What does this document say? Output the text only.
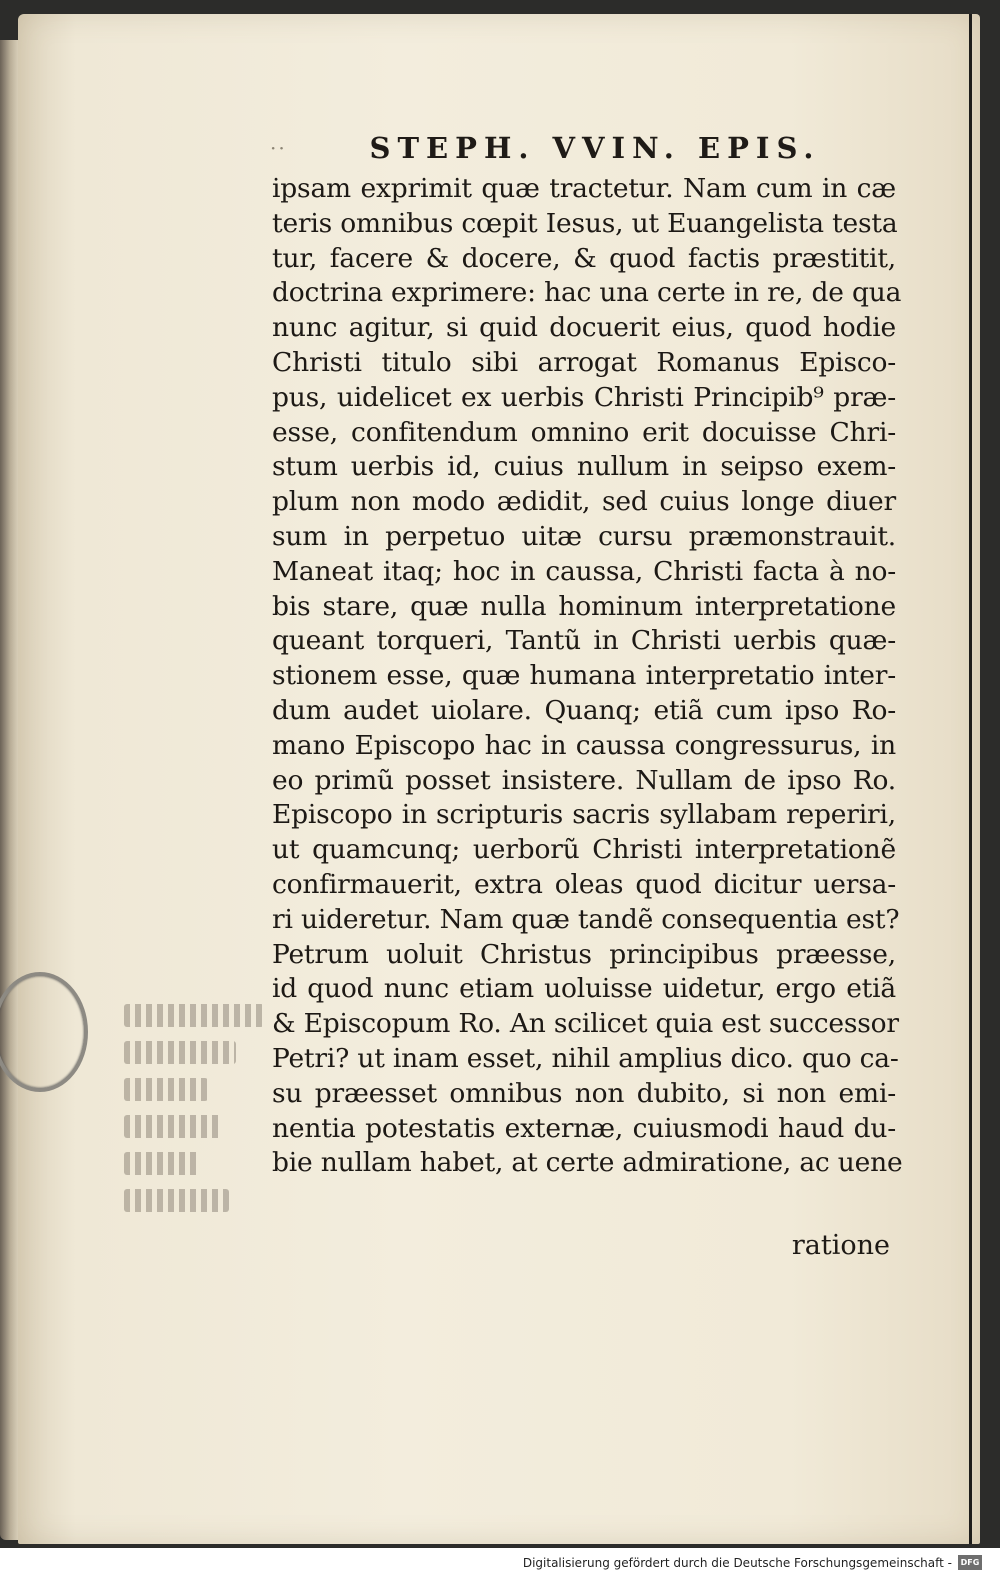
··	STEPH. VVIN. EPIS.
ipsam exprimit quæ tractetur. Nam cum in cæ
teris omnibus cœpit Iesus, ut Euangelista testa
tur, facere & docere, & quod factis præstitit,
doctrina exprimere: hac una certe in re, de qua
nunc agitur, si quid docuerit eius, quod hodie
Christi titulo sibi arrogat Romanus Episco-
pus, uidelicet ex uerbis Christi Principib⁹ præ-
esse, confitendum omnino erit docuisse Chri-
stum uerbis id, cuius nullum in seipso exem-
plum non modo ædidit, sed cuius longe diuer
sum in perpetuo uitæ cursu præmonstrauit.
Maneat itaq; hoc in caussa, Christi facta à no-
bis stare, quæ nulla hominum interpretatione
queant torqueri, Tantũ in Christi uerbis quæ-
stionem esse, quæ humana interpretatio inter-
dum audet uiolare. Quanq; etiã cum ipso Ro-
mano Episcopo hac in caussa congressurus, in
eo primũ posset insistere. Nullam de ipso Ro.
Episcopo in scripturis sacris syllabam reperiri,
ut quamcunq; uerborũ Christi interpretationẽ
confirmauerit, extra oleas quod dicitur uersa-
ri uideretur. Nam quæ tandẽ consequentia est?
Petrum uoluit Christus principibus præesse,
id quod nunc etiam uoluisse uidetur, ergo etiã
& Episcopum Ro. An scilicet quia est successor
Petri? ut inam esset, nihil amplius dico. quo ca-
su præesset omnibus non dubito, si non emi-
nentia potestatis externæ, cuiusmodi haud du-
bie nullam habet, at certe admiratione, ac uene
ratione
Digitalisierung gefördert durch die Deutsche Forschungsgemeinschaft -	DFG
